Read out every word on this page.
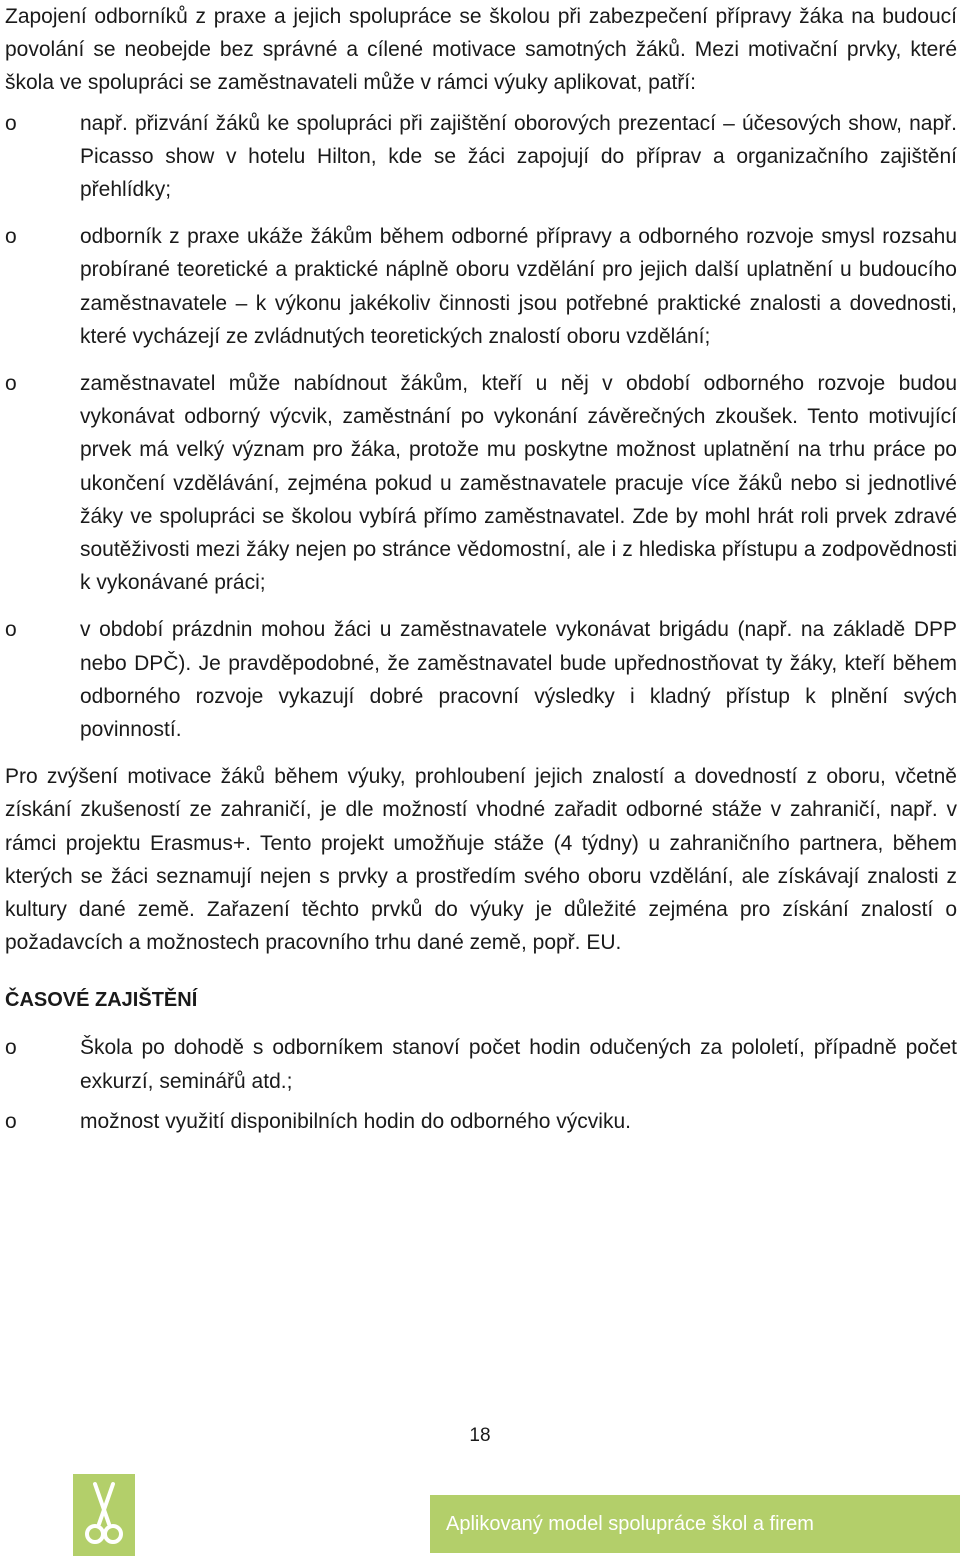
Zapojení odborníků z praxe a jejich spolupráce se školou při zabezpečení přípravy žáka na budoucí povolání se neobejde bez správné a cílené motivace samotných žáků. Mezi motivační prvky, které škola ve spolupráci se zaměstnavateli může v rámci výuky aplikovat, patří:

o	např. přizvání žáků ke spolupráci při zajištění oborových prezentací – účesových show, např. Picasso show v hotelu Hilton, kde se žáci zapojují do příprav a organizačního zajištění přehlídky;
o	odborník z praxe ukáže žákům během odborné přípravy a odborného rozvoje smysl rozsahu probírané teoretické a praktické náplně oboru vzdělání pro jejich další uplatnění u budoucího zaměstnavatele – k výkonu jakékoliv činnosti jsou potřebné praktické znalosti a dovednosti, které vycházejí ze zvládnutých teoretických znalostí oboru vzdělání;
o	zaměstnavatel může nabídnout žákům, kteří u něj v období odborného rozvoje budou vykonávat odborný výcvik, zaměstnání po vykonání závěrečných zkoušek. Tento motivující prvek má velký význam pro žáka, protože mu poskytne možnost uplatnění na trhu práce po ukončení vzdělávání, zejména pokud u zaměstnavatele pracuje více žáků nebo si jednotlivé žáky ve spolupráci se školou vybírá přímo zaměstnavatel. Zde by mohl hrát roli prvek zdravé soutěživosti mezi žáky nejen po stránce vědomostní, ale i z hlediska přístupu a zodpovědnosti k vykonávané práci;
o	v období prázdnin mohou žáci u zaměstnavatele vykonávat brigádu (např. na základě DPP nebo DPČ). Je pravděpodobné, že zaměstnavatel bude upřednostňovat ty žáky, kteří během odborného rozvoje vykazují dobré pracovní výsledky i kladný přístup k plnění svých povinností.

Pro zvýšení motivace žáků během výuky, prohloubení jejich znalostí a dovedností z oboru, včetně získání zkušeností ze zahraničí, je dle možností vhodné zařadit odborné stáže v zahraničí, např. v rámci projektu Erasmus+. Tento projekt umožňuje stáže (4 týdny) u zahraničního partnera, během kterých se žáci seznamují nejen s prvky a prostředím svého oboru vzdělání, ale získávají znalosti z kultury dané země. Zařazení těchto prvků do výuky je důležité zejména pro získání znalostí o požadavcích a možnostech pracovního trhu dané země, popř. EU.

ČASOVÉ ZAJIŠTĚNÍ
o	Škola po dohodě s odborníkem stanoví počet hodin odučených za pololetí, případně počet exkurzí, seminářů atd.;
o	možnost využití disponibilních hodin do odborného výcviku.
18
Aplikovaný model spolupráce škol a firem
